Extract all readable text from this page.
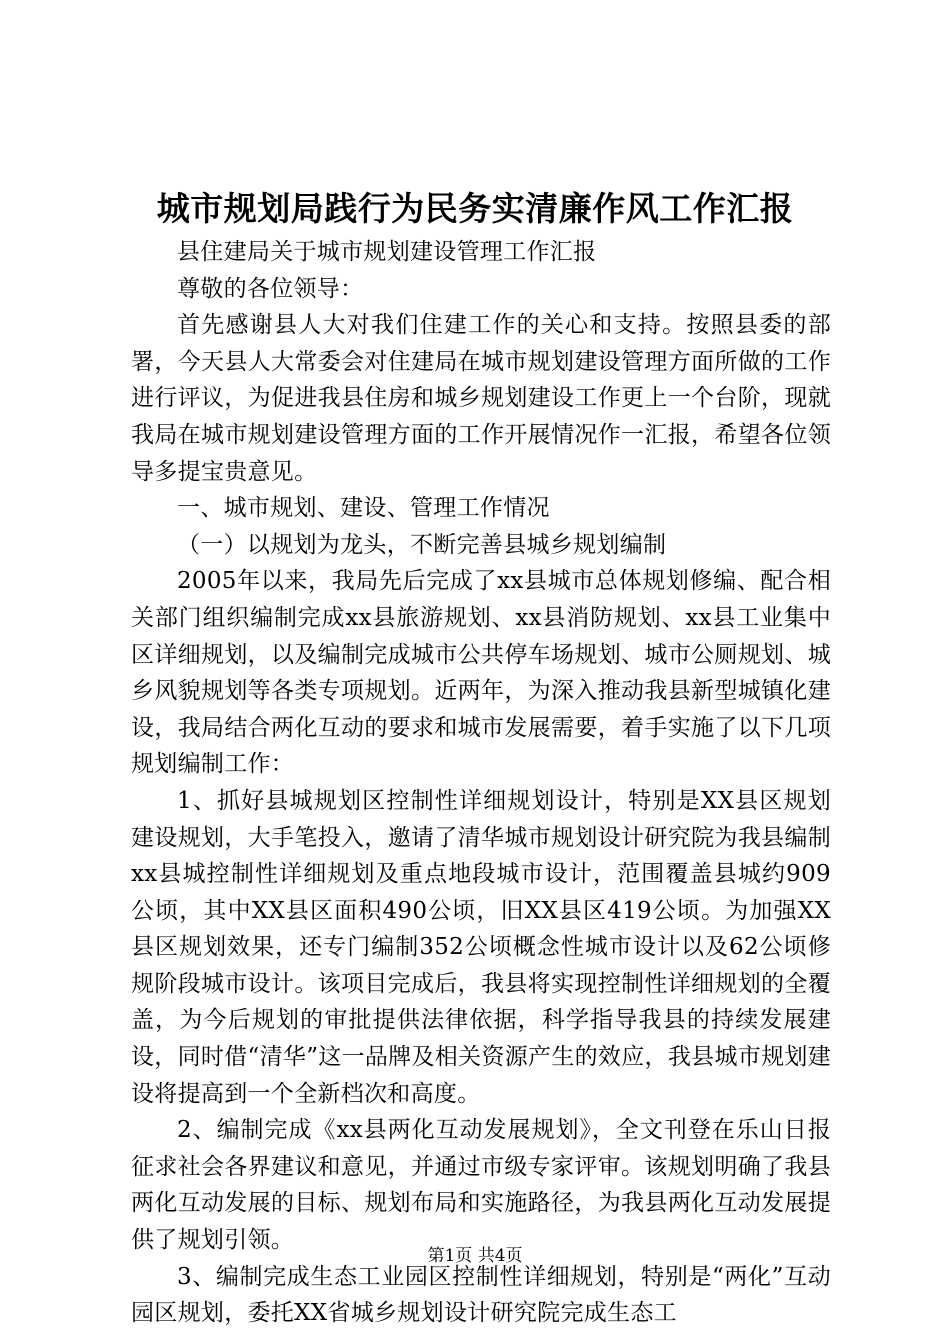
城市规划局践行为民务实清廉作风工作汇报

县住建局关于城市规划建设管理工作汇报

尊敬的各位领导：

首先感谢县人大对我们住建工作的关心和支持。按照县委的部署，今天县人大常委会对住建局在城市规划建设管理方面所做的工作进行评议，为促进我县住房和城乡规划建设工作更上一个台阶，现就我局在城市规划建设管理方面的工作开展情况作一汇报，希望各位领导多提宝贵意见。

一、城市规划、建设、管理工作情况

（一）以规划为龙头，不断完善县城乡规划编制

2005年以来，我局先后完成了xx县城市总体规划修编、配合相关部门组织编制完成xx县旅游规划、xx县消防规划、xx县工业集中区详细规划，以及编制完成城市公共停车场规划、城市公厕规划、城乡风貌规划等各类专项规划。近两年，为深入推动我县新型城镇化建设，我局结合两化互动的要求和城市发展需要，着手实施了以下几项规划编制工作：

1、抓好县城规划区控制性详细规划设计，特别是XX县区规划建设规划，大手笔投入，邀请了清华城市规划设计研究院为我县编制xx县城控制性详细规划及重点地段城市设计，范围覆盖县城约909公顷，其中XX县区面积490公顷，旧XX县区419公顷。为加强XX县区规划效果，还专门编制352公顷概念性城市设计以及62公顷修规阶段城市设计。该项目完成后，我县将实现控制性详细规划的全覆盖，为今后规划的审批提供法律依据，科学指导我县的持续发展建设，同时借“清华”这一品牌及相关资源产生的效应，我县城市规划建设将提高到一个全新档次和高度。

2、编制完成《xx县两化互动发展规划》，全文刊登在乐山日报征求社会各界建议和意见，并通过市级专家评审。该规划明确了我县两化互动发展的目标、规划布局和实施路径，为我县两化互动发展提供了规划引领。

3、编制完成生态工业园区控制性详细规划，特别是“两化”互动园区规划，委托XX省城乡规划设计研究院完成生态工

第1页 共4页
